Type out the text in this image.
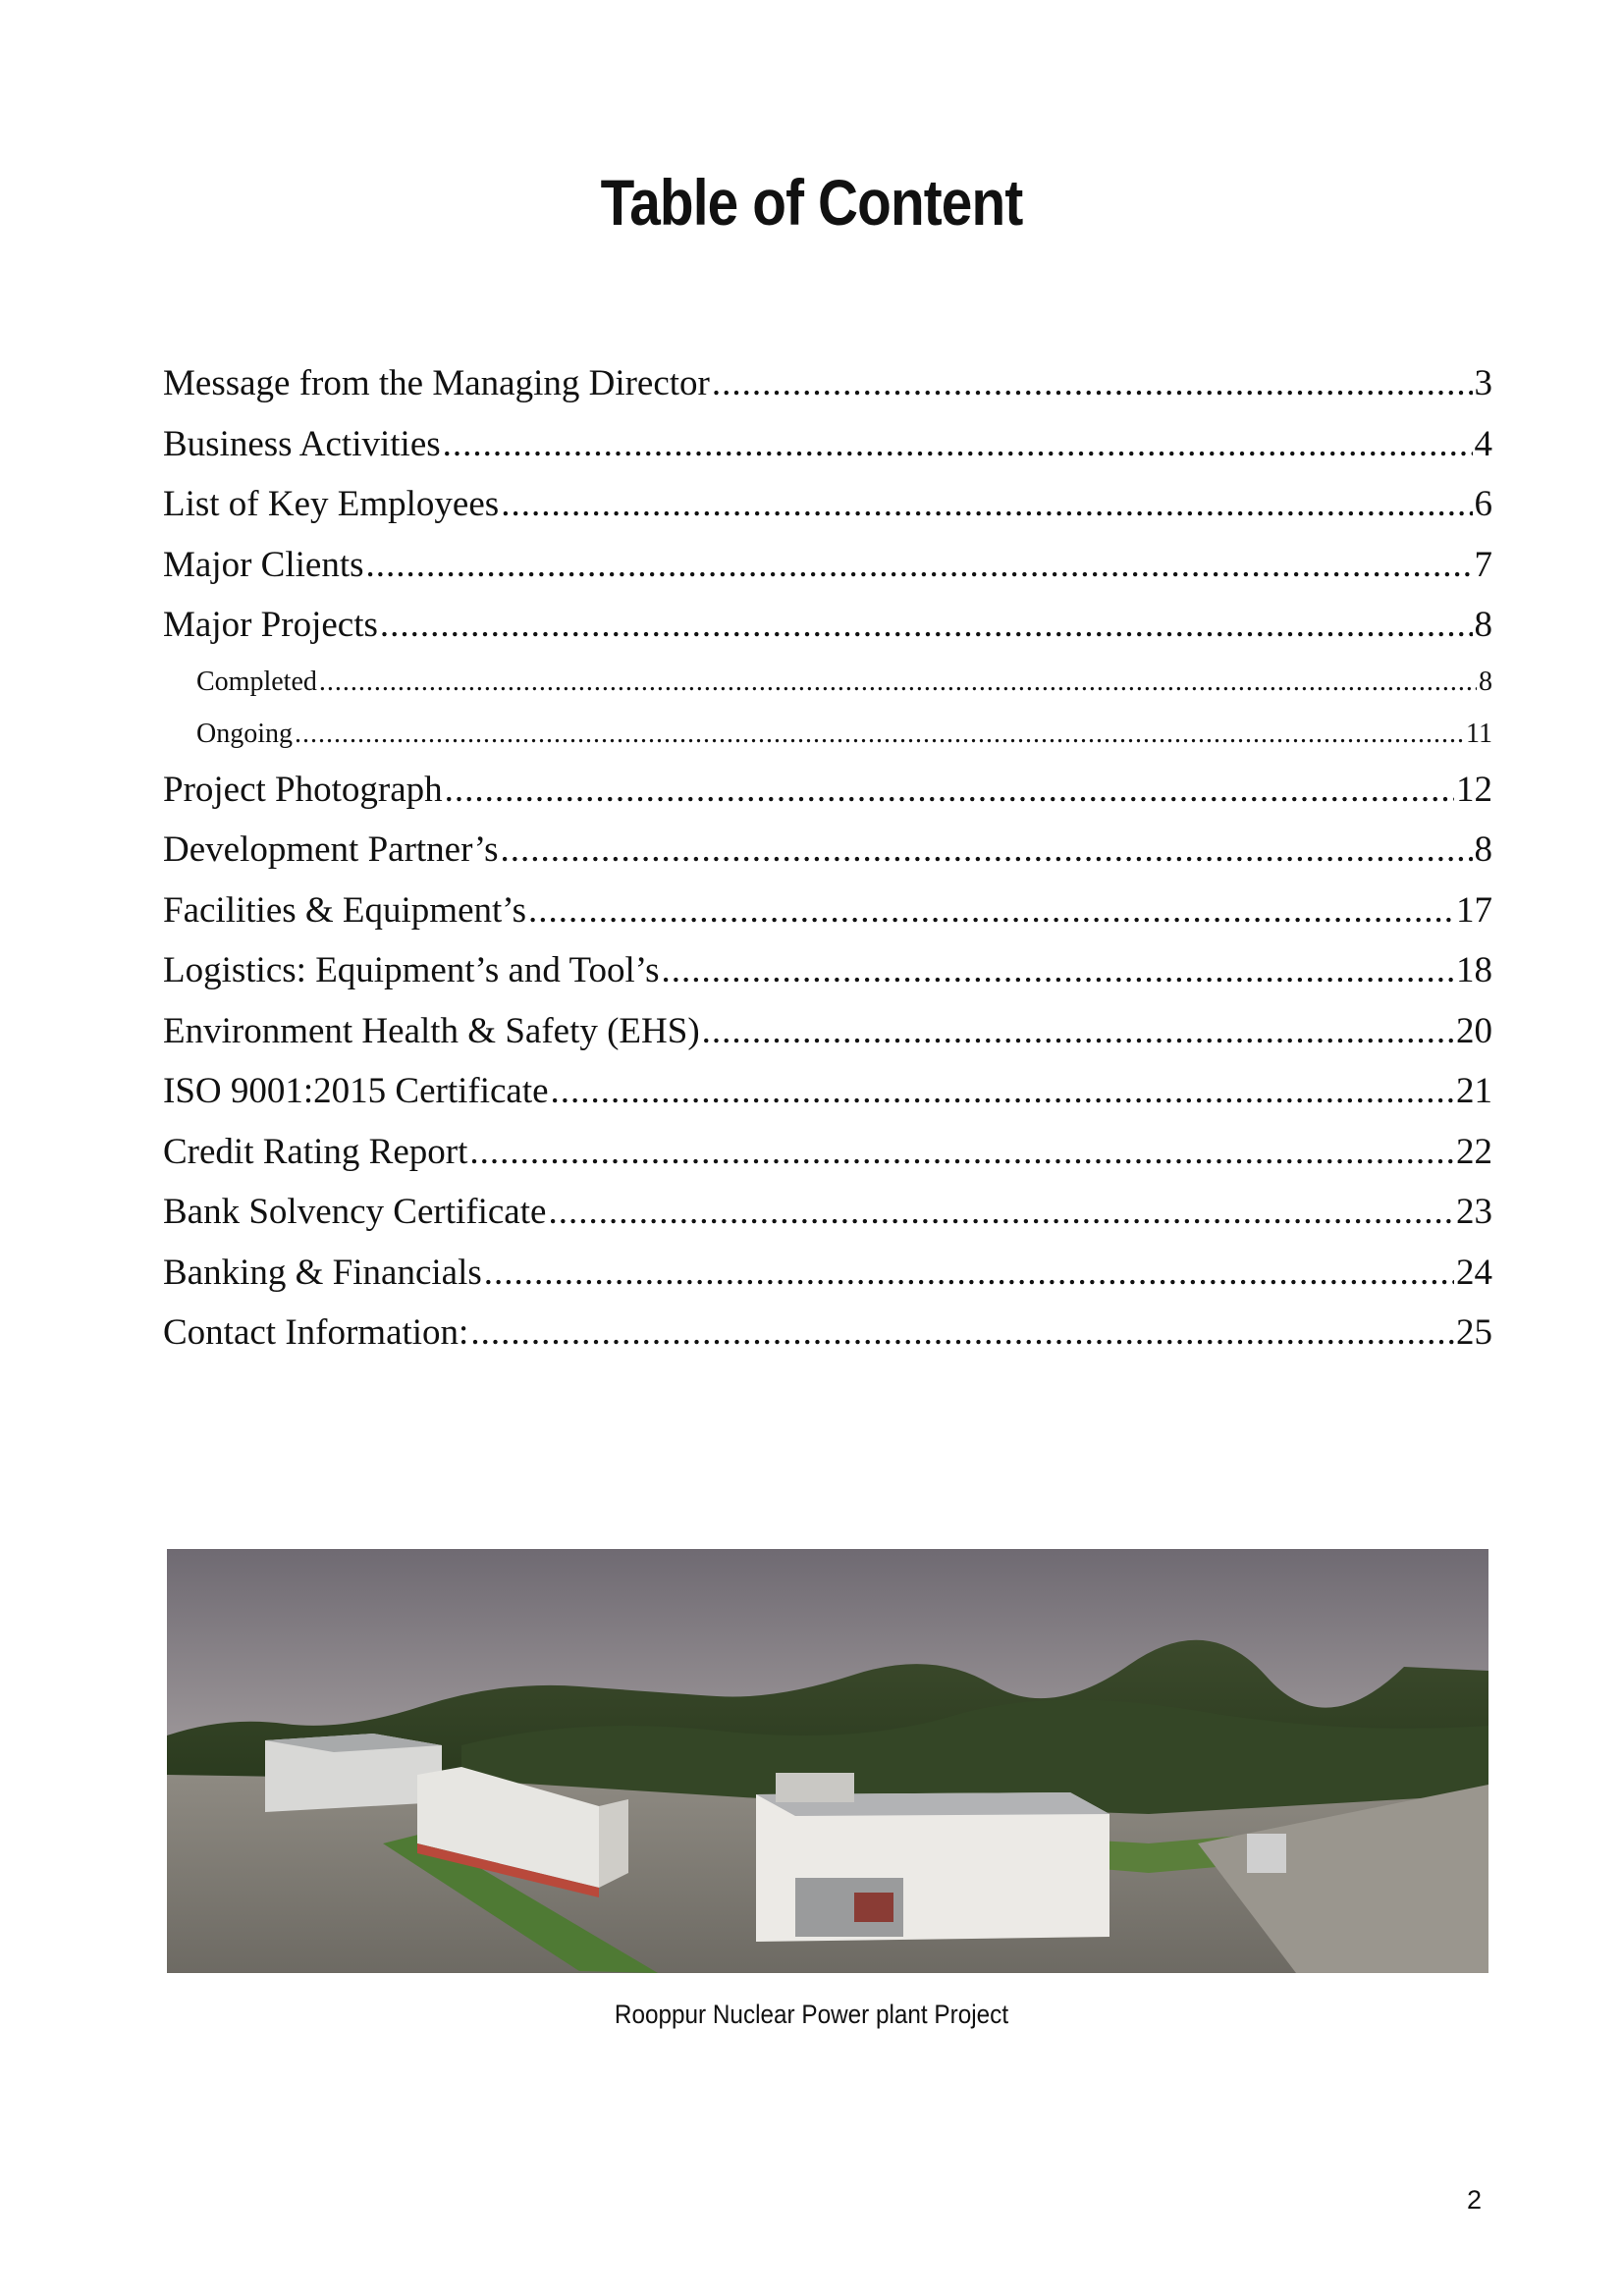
Table of Content
Message from the Managing Director .....	3
Business Activities .....	4
List of Key Employees .....	6
Major Clients .....	7
Major Projects .....	8
Completed .....	8
Ongoing .....	11
Project Photograph .....	12
Development Partner’s .....	8
Facilities & Equipment’s .....	17
Logistics: Equipment’s and Tool’s .....	18
Environment Health & Safety (EHS) .....	20
ISO 9001:2015 Certificate .....	21
Credit Rating Report .....	22
Bank Solvency Certificate .....	23
Banking & Financials .....	24
Contact Information: .....	25
Rooppur Nuclear Power plant Project
2
